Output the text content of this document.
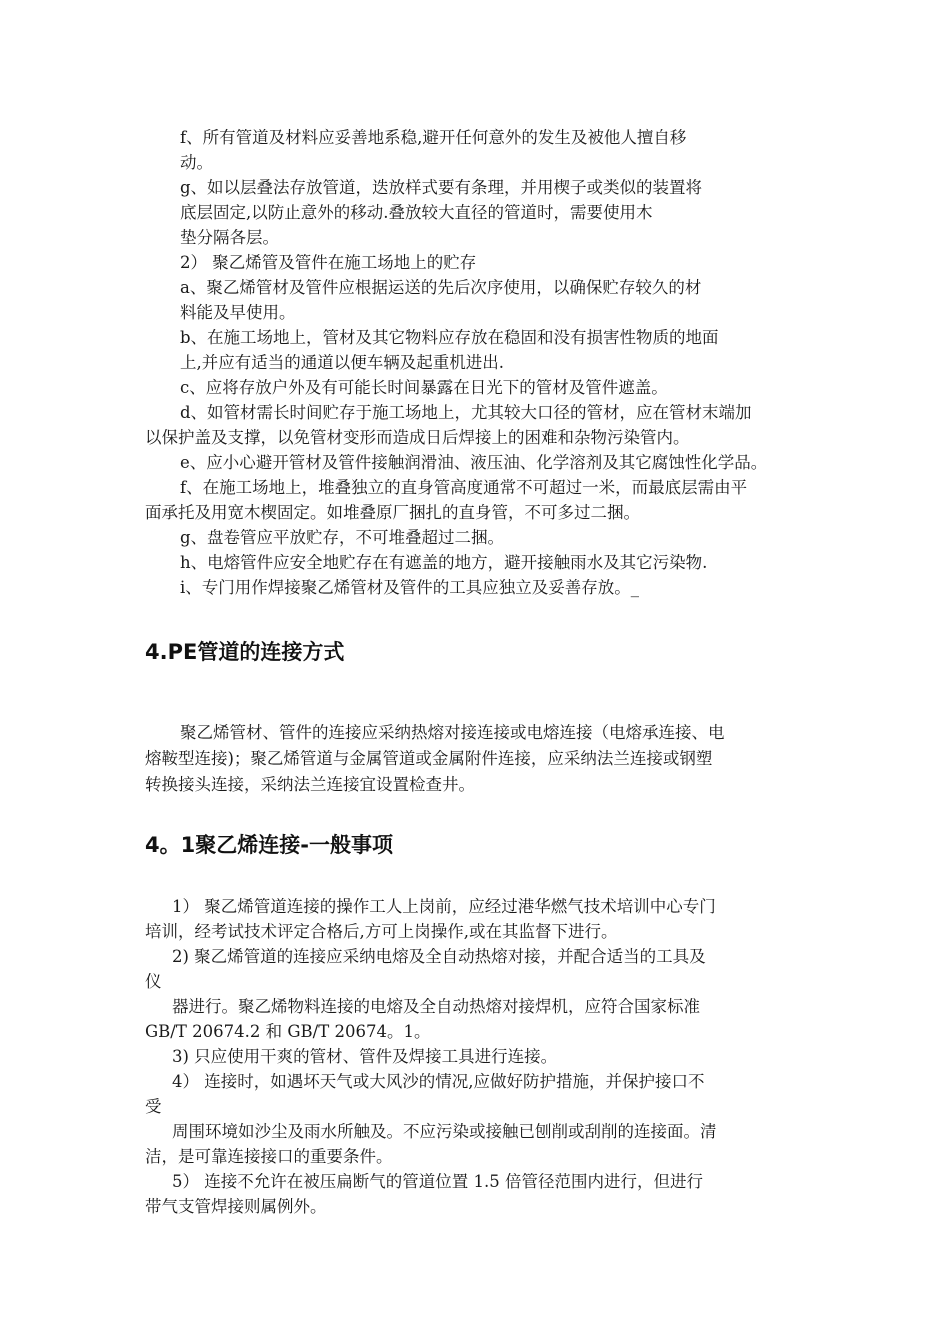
f、所有管道及材料应妥善地系稳,避开任何意外的发生及被他人擅自移
动。
g、如以层叠法存放管道，迭放样式要有条理，并用楔子或类似的装置将
底层固定,以防止意外的移动.叠放较大直径的管道时，需要使用木
垫分隔各层。
2） 聚乙烯管及管件在施工场地上的贮存
a、聚乙烯管材及管件应根据运送的先后次序使用，以确保贮存较久的材
料能及早使用。
b、在施工场地上，管材及其它物料应存放在稳固和没有损害性物质的地面
上,并应有适当的通道以便车辆及起重机进出.
c、应将存放户外及有可能长时间暴露在日光下的管材及管件遮盖。
d、如管材需长时间贮存于施工场地上，尤其较大口径的管材，应在管材末端加
以保护盖及支撑，以免管材变形而造成日后焊接上的困难和杂物污染管内。
e、应小心避开管材及管件接触润滑油、液压油、化学溶剂及其它腐蚀性化学品。
f、在施工场地上，堆叠独立的直身管高度通常不可超过一米，而最底层需由平
面承托及用宽木楔固定。如堆叠原厂捆扎的直身管，不可多过二捆。
g、盘卷管应平放贮存，不可堆叠超过二捆。
h、电熔管件应安全地贮存在有遮盖的地方，避开接触雨水及其它污染物.
i、专门用作焊接聚乙烯管材及管件的工具应独立及妥善存放。_
4.PE管道的连接方式
聚乙烯管材、管件的连接应采纳热熔对接连接或电熔连接（电熔承连接、电
熔鞍型连接)；聚乙烯管道与金属管道或金属附件连接，应采纳法兰连接或钢塑
转换接头连接，采纳法兰连接宜设置检查井。
4。1聚乙烯连接-一般事项
1） 聚乙烯管道连接的操作工人上岗前，应经过港华燃气技术培训中心专门
培训，经考试技术评定合格后,方可上岗操作,或在其监督下进行。
2) 聚乙烯管道的连接应采纳电熔及全自动热熔对接，并配合适当的工具及
仪
器进行。聚乙烯物料连接的电熔及全自动热熔对接焊机，应符合国家标准
GB/T 20674.2 和 GB/T 20674。1。
3) 只应使用干爽的管材、管件及焊接工具进行连接。
4） 连接时，如遇坏天气或大风沙的情况,应做好防护措施，并保护接口不
受
周围环境如沙尘及雨水所触及。不应污染或接触已刨削或刮削的连接面。清
洁，是可靠连接接口的重要条件。
5） 连接不允许在被压扁断气的管道位置 1.5 倍管径范围内进行，但进行
带气支管焊接则属例外。
